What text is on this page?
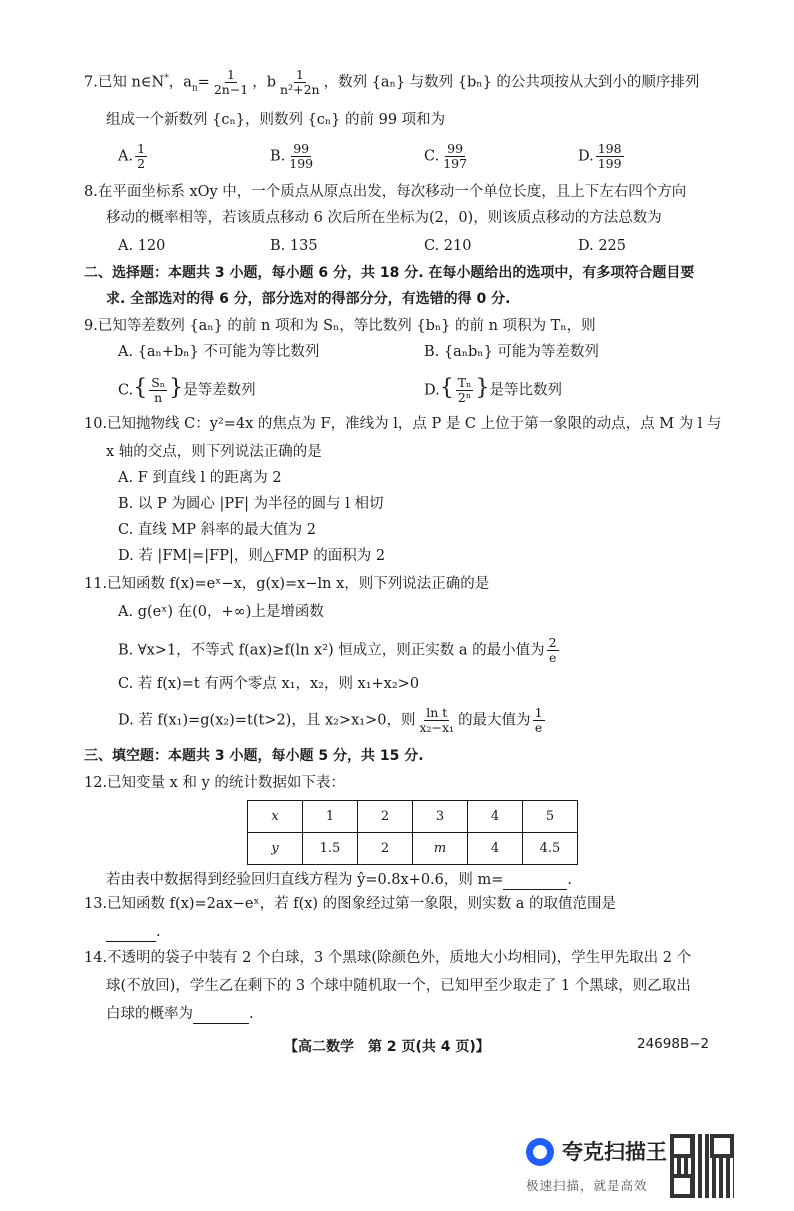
7.已知 n∈N*，$a_n= \frac{1}{2n-1}$ ，b $\frac{1}{\text{n²+2n}}$ ，数列 {aₙ} 与数列 {bₙ} 的公共项按从大到小的顺序排列
组成一个新数列 {cₙ}，则数列 {cₙ} 的前 99 项和为
A. $\frac{1}{2}$	B. $\frac{99}{199}$	C. $\frac{99}{197}$	D. $\frac{198}{199}$
8.在平面坐标系 xOy 中，一个质点从原点出发，每次移动一个单位长度，且上下左右四个方向
移动的概率相等，若该质点移动 6 次后所在坐标为(2，0)，则该质点移动的方法总数为
A. 120	B. 135	C. 210	D. 225
二、选择题：本题共 3 小题，每小题 6 分，共 18 分. 在每小题给出的选项中，有多项符合题目要
求. 全部选对的得 6 分，部分选对的得部分分，有选错的得 0 分.
9.已知等差数列 {aₙ} 的前 n 项和为 Sₙ，等比数列 {bₙ} 的前 n 项积为 Tₙ，则
A. {aₙ+bₙ} 不可能为等比数列	B. {aₙbₙ} 可能为等差数列
$C.\{ \frac{\text{Sₙ}}{n}$ }是等差数列	$D.\{ \frac{\text{Tₙ}}{\text{2ⁿ}}$ }是等比数列
10.已知抛物线 C：y²=4x 的焦点为 F，准线为 l，点 P 是 C 上位于第一象限的动点，点 M 为 l 与
x 轴的交点，则下列说法正确的是
A. F 到直线 l 的距离为 2
B. 以 P 为圆心 |PF| 为半径的圆与 l 相切
C. 直线 MP 斜率的最大值为 2
D. 若 |FM|=|FP|，则△FMP 的面积为 2
11.已知函数 f(x)=eˣ−x，g(x)=x−ln x，则下列说法正确的是
A. g(eˣ) 在(0，+∞)上是增函数
B. ∀x>1，不等式 f(ax)≥f(ln x²) 恒成立，则正实数 a 的最小值为 $\frac{2}{e}$
C. 若 f(x)=t 有两个零点 x₁，x₂，则 x₁+x₂>0
D. 若 f(x₁)=g(x₂)=t(t>2)，且 x₂>x₁>0，则 $\frac{\text{ln t}}{\text{x₂−x₁}}$ 的最大值为 $\frac{1}{e}$
三、填空题：本题共 3 小题，每小题 5 分，共 15 分.
12.已知变量 x 和 y 的统计数据如下表：
x	1	2	3	4	5
y	1.5	2	m	4	4.5
若由表中数据得到经验回归直线方程为 ŷ=0.8x+0.6，则 m=	.
13.已知函数 f(x)=2ax−eˣ，若 f(x) 的图象经过第一象限，则实数 a 的取值范围是
.
14.不透明的袋子中装有 2 个白球，3 个黑球(除颜色外，质地大小均相同)，学生甲先取出 2 个
球(不放回)，学生乙在剩下的 3 个球中随机取一个，已知甲至少取走了 1 个黑球，则乙取出
白球的概率为	.
【高二数学　第 2 页(共 4 页)】	24698B−2
夸克扫描王
极速扫描，就是高效
